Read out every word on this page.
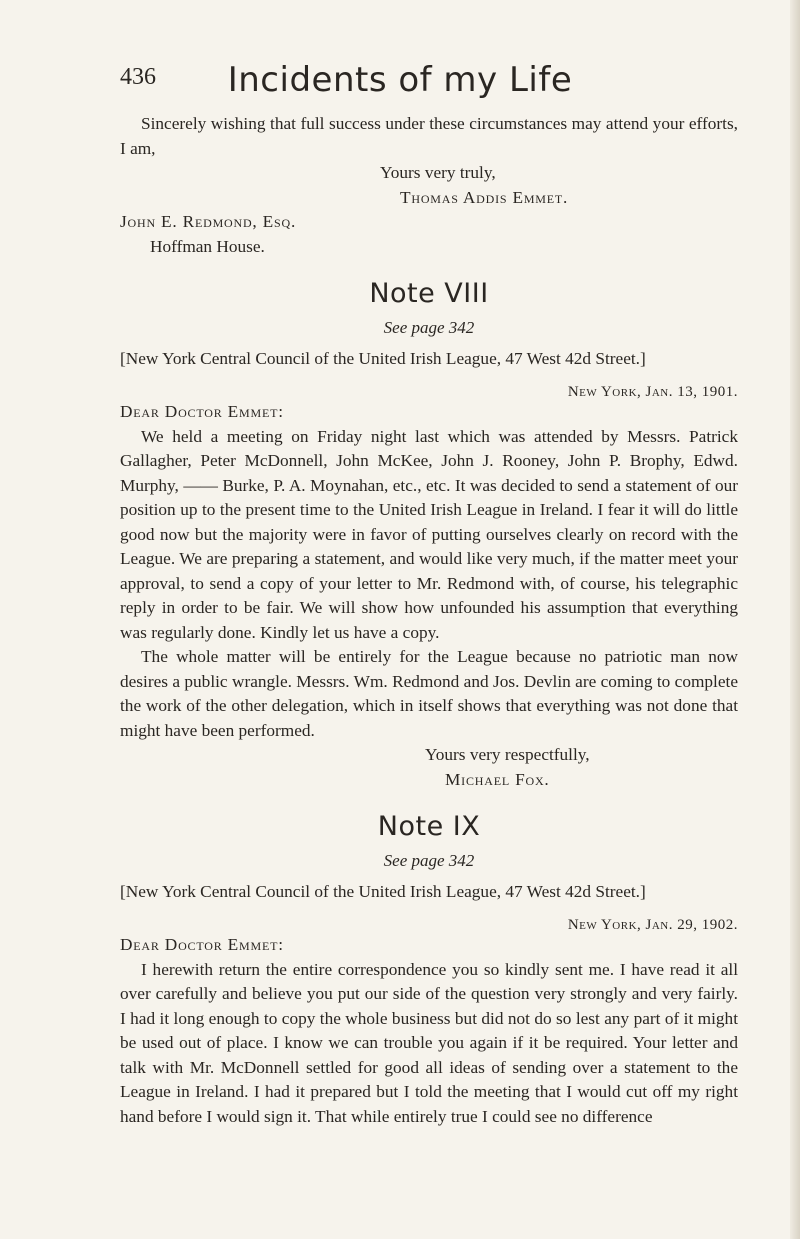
436	Incidents of my Life

Sincerely wishing that full success under these circumstances may attend your efforts, I am,

Yours very truly,

Thomas Addis Emmet.

John E. Redmond, Esq.

Hoffman House.

Note VIII
See page 342

[New York Central Council of the United Irish League, 47 West 42d Street.]

New York, Jan. 13, 1901.

Dear Doctor Emmet:

We held a meeting on Friday night last which was attended by Messrs. Patrick Gallagher, Peter McDonnell, John McKee, John J. Rooney, John P. Brophy, Edwd. Murphy, —— Burke, P. A. Moynahan, etc., etc. It was decided to send a statement of our position up to the present time to the United Irish League in Ireland. I fear it will do little good now but the majority were in favor of putting ourselves clearly on record with the League. We are preparing a statement, and would like very much, if the matter meet your approval, to send a copy of your letter to Mr. Redmond with, of course, his telegraphic reply in order to be fair. We will show how unfounded his assumption that everything was regularly done. Kindly let us have a copy.

The whole matter will be entirely for the League because no patriotic man now desires a public wrangle. Messrs. Wm. Redmond and Jos. Devlin are coming to complete the work of the other delegation, which in itself shows that everything was not done that might have been performed.

Yours very respectfully,

Michael Fox.

Note IX
See page 342

[New York Central Council of the United Irish League, 47 West 42d Street.]

New York, Jan. 29, 1902.

Dear Doctor Emmet:

I herewith return the entire correspondence you so kindly sent me. I have read it all over carefully and believe you put our side of the question very strongly and very fairly. I had it long enough to copy the whole business but did not do so lest any part of it might be used out of place. I know we can trouble you again if it be required. Your letter and talk with Mr. McDonnell settled for good all ideas of sending over a statement to the League in Ireland. I had it prepared but I told the meeting that I would cut off my right hand before I would sign it. That while entirely true I could see no difference
